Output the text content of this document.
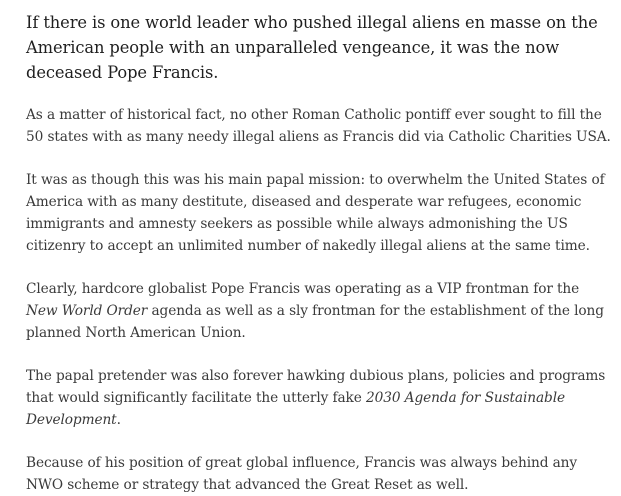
If there is one world leader who pushed illegal aliens en masse on the American people with an unparalleled vengeance, it was the now deceased Pope Francis.

As a matter of historical fact, no other Roman Catholic pontiff ever sought to fill the 50 states with as many needy illegal aliens as Francis did via Catholic Charities USA.

It was as though this was his main papal mission: to overwhelm the United States of America with as many destitute, diseased and desperate war refugees, economic immigrants and amnesty seekers as possible while always admonishing the US citizenry to accept an unlimited number of nakedly illegal aliens at the same time.

Clearly, hardcore globalist Pope Francis was operating as a VIP frontman for the New World Order agenda as well as a sly frontman for the establishment of the long planned North American Union.

The papal pretender was also forever hawking dubious plans, policies and programs that would significantly facilitate the utterly fake 2030 Agenda for Sustainable Development.

Because of his position of great global influence, Francis was always behind any NWO scheme or strategy that advanced the Great Reset as well.
